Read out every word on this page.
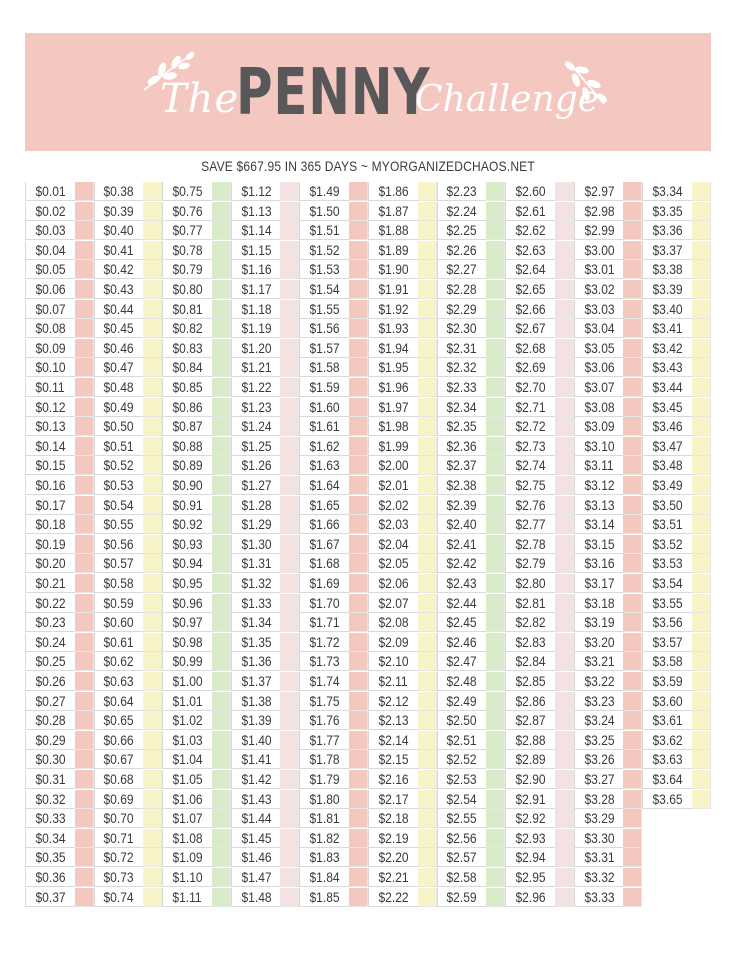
The
PENNY
Challenge
SAVE $667.95 IN 365 DAYS ~ MYORGANIZEDCHAOS.NET
$0.01
$0.02
$0.03
$0.04
$0.05
$0.06
$0.07
$0.08
$0.09
$0.10
$0.11
$0.12
$0.13
$0.14
$0.15
$0.16
$0.17
$0.18
$0.19
$0.20
$0.21
$0.22
$0.23
$0.24
$0.25
$0.26
$0.27
$0.28
$0.29
$0.30
$0.31
$0.32
$0.33
$0.34
$0.35
$0.36
$0.37
$0.38
$0.39
$0.40
$0.41
$0.42
$0.43
$0.44
$0.45
$0.46
$0.47
$0.48
$0.49
$0.50
$0.51
$0.52
$0.53
$0.54
$0.55
$0.56
$0.57
$0.58
$0.59
$0.60
$0.61
$0.62
$0.63
$0.64
$0.65
$0.66
$0.67
$0.68
$0.69
$0.70
$0.71
$0.72
$0.73
$0.74
$0.75
$0.76
$0.77
$0.78
$0.79
$0.80
$0.81
$0.82
$0.83
$0.84
$0.85
$0.86
$0.87
$0.88
$0.89
$0.90
$0.91
$0.92
$0.93
$0.94
$0.95
$0.96
$0.97
$0.98
$0.99
$1.00
$1.01
$1.02
$1.03
$1.04
$1.05
$1.06
$1.07
$1.08
$1.09
$1.10
$1.11
$1.12
$1.13
$1.14
$1.15
$1.16
$1.17
$1.18
$1.19
$1.20
$1.21
$1.22
$1.23
$1.24
$1.25
$1.26
$1.27
$1.28
$1.29
$1.30
$1.31
$1.32
$1.33
$1.34
$1.35
$1.36
$1.37
$1.38
$1.39
$1.40
$1.41
$1.42
$1.43
$1.44
$1.45
$1.46
$1.47
$1.48
$1.49
$1.50
$1.51
$1.52
$1.53
$1.54
$1.55
$1.56
$1.57
$1.58
$1.59
$1.60
$1.61
$1.62
$1.63
$1.64
$1.65
$1.66
$1.67
$1.68
$1.69
$1.70
$1.71
$1.72
$1.73
$1.74
$1.75
$1.76
$1.77
$1.78
$1.79
$1.80
$1.81
$1.82
$1.83
$1.84
$1.85
$1.86
$1.87
$1.88
$1.89
$1.90
$1.91
$1.92
$1.93
$1.94
$1.95
$1.96
$1.97
$1.98
$1.99
$2.00
$2.01
$2.02
$2.03
$2.04
$2.05
$2.06
$2.07
$2.08
$2.09
$2.10
$2.11
$2.12
$2.13
$2.14
$2.15
$2.16
$2.17
$2.18
$2.19
$2.20
$2.21
$2.22
$2.23
$2.24
$2.25
$2.26
$2.27
$2.28
$2.29
$2.30
$2.31
$2.32
$2.33
$2.34
$2.35
$2.36
$2.37
$2.38
$2.39
$2.40
$2.41
$2.42
$2.43
$2.44
$2.45
$2.46
$2.47
$2.48
$2.49
$2.50
$2.51
$2.52
$2.53
$2.54
$2.55
$2.56
$2.57
$2.58
$2.59
$2.60
$2.61
$2.62
$2.63
$2.64
$2.65
$2.66
$2.67
$2.68
$2.69
$2.70
$2.71
$2.72
$2.73
$2.74
$2.75
$2.76
$2.77
$2.78
$2.79
$2.80
$2.81
$2.82
$2.83
$2.84
$2.85
$2.86
$2.87
$2.88
$2.89
$2.90
$2.91
$2.92
$2.93
$2.94
$2.95
$2.96
$2.97
$2.98
$2.99
$3.00
$3.01
$3.02
$3.03
$3.04
$3.05
$3.06
$3.07
$3.08
$3.09
$3.10
$3.11
$3.12
$3.13
$3.14
$3.15
$3.16
$3.17
$3.18
$3.19
$3.20
$3.21
$3.22
$3.23
$3.24
$3.25
$3.26
$3.27
$3.28
$3.29
$3.30
$3.31
$3.32
$3.33
$3.34
$3.35
$3.36
$3.37
$3.38
$3.39
$3.40
$3.41
$3.42
$3.43
$3.44
$3.45
$3.46
$3.47
$3.48
$3.49
$3.50
$3.51
$3.52
$3.53
$3.54
$3.55
$3.56
$3.57
$3.58
$3.59
$3.60
$3.61
$3.62
$3.63
$3.64
$3.65
